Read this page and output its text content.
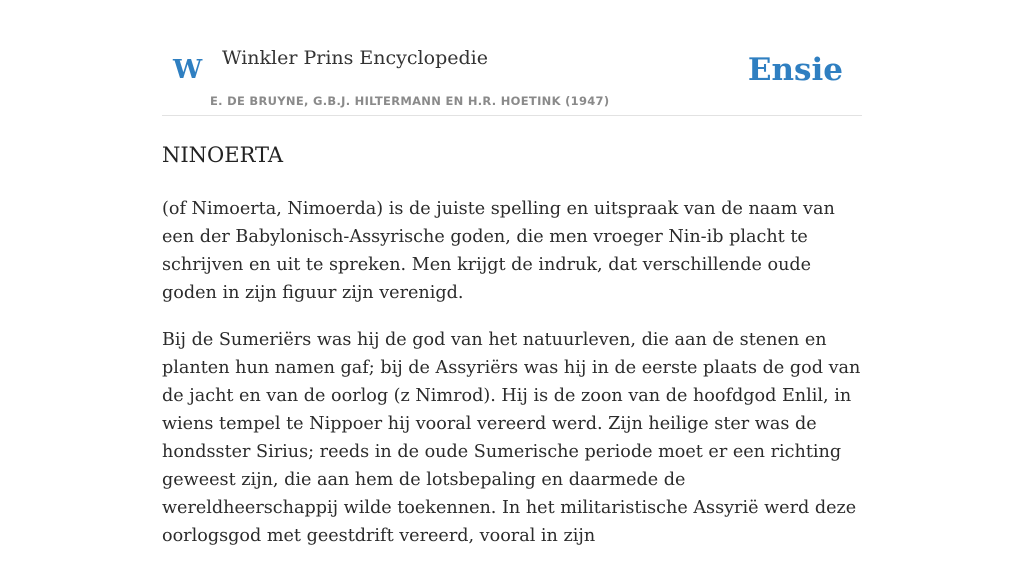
W Winkler Prins Encyclopedie
E. DE BRUYNE, G.B.J. HILTERMANN EN H.R. HOETINK (1947)
Ensie
NINOERTA

(of Nimoerta, Nimoerda) is de juiste spelling en uitspraak van de naam van een der Babylonisch-Assyrische goden, die men vroeger Nin-ib placht te schrijven en uit te spreken. Men krijgt de indruk, dat verschillende oude goden in zijn figuur zijn verenigd.

Bij de Sumeriërs was hij de god van het natuurleven, die aan de stenen en planten hun namen gaf; bij de Assyriërs was hij in de eerste plaats de god van de jacht en van de oorlog (z Nimrod). Hij is de zoon van de hoofdgod Enlil, in wiens tempel te Nippoer hij vooral vereerd werd. Zijn heilige ster was de hondsster Sirius; reeds in de oude Sumerische periode moet er een richting geweest zijn, die aan hem de lotsbepaling en daarmede de wereldheerschappij wilde toekennen. In het militaristische Assyrië werd deze oorlogsgod met geestdrift vereerd, vooral in zijn
